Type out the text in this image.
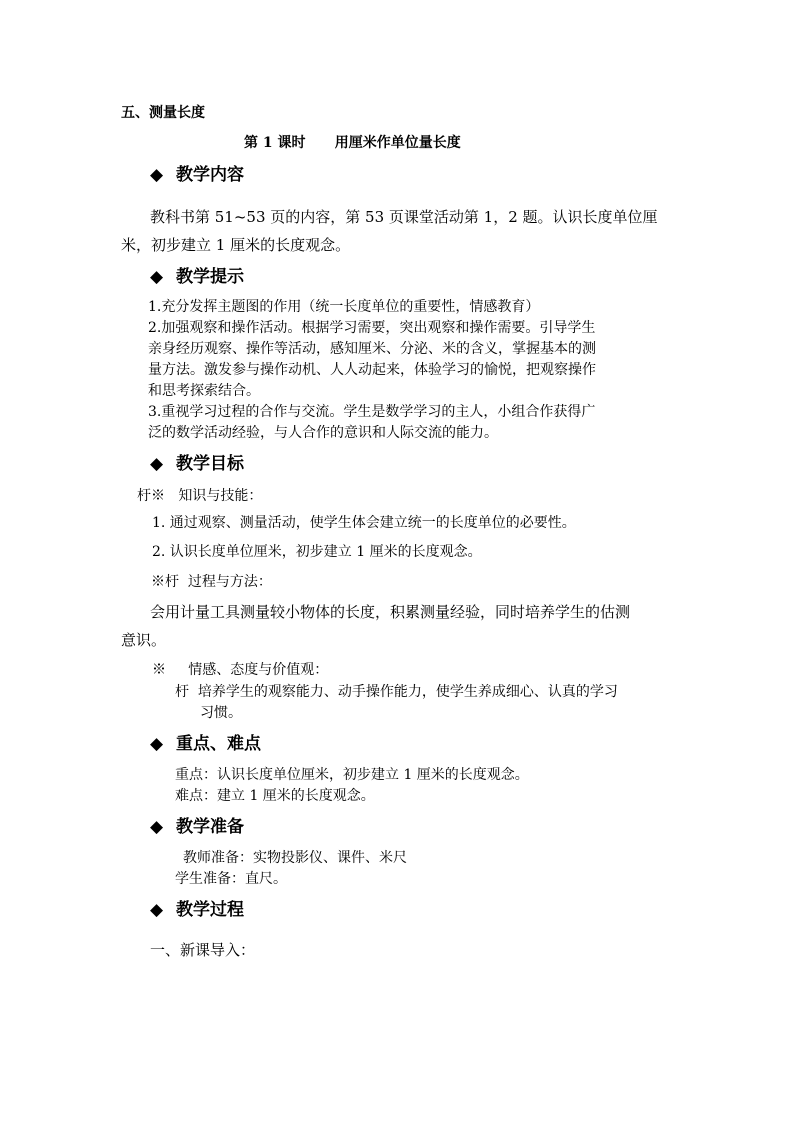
五、测量长度
第 1 课时      用厘米作单位量长度
◆ 教学内容
教科书第 51~53 页的内容，第 53 页课堂活动第 1，2 题。认识长度单位厘
米，初步建立 1 厘米的长度观念。
◆ 教学提示
1.充分发挥主题图的作用（统一长度单位的重要性，情感教育）
2.加强观察和操作活动。根据学习需要，突出观察和操作需要。引导学生
亲身经历观察、操作等活动，感知厘米、分泌、米的含义，掌握基本的测
量方法。激发参与操作动机、人人动起来，体验学习的愉悦，把观察操作
和思考探索结合。
3.重视学习过程的合作与交流。学生是数学学习的主人，小组合作获得广
泛的数学活动经验，与人合作的意识和人际交流的能力。
◆ 教学目标
杅※   知识与技能：
1. 通过观察、测量活动，使学生体会建立统一的长度单位的必要性。
2. 认识长度单位厘米，初步建立 1 厘米的长度观念。
※杅  过程与方法：
会用计量工具测量较小物体的长度，积累测量经验，同时培养学生的估测
意识。
※     情感、态度与价值观：
杅  培养学生的观察能力、动手操作能力，使学生养成细心、认真的学习
习惯。
◆ 重点、难点
重点：认识长度单位厘米，初步建立 1 厘米的长度观念。
难点：建立 1 厘米的长度观念。
◆ 教学准备
教师准备：实物投影仪、课件、米尺
学生准备：直尺。
◆ 教学过程
一、新课导入：
